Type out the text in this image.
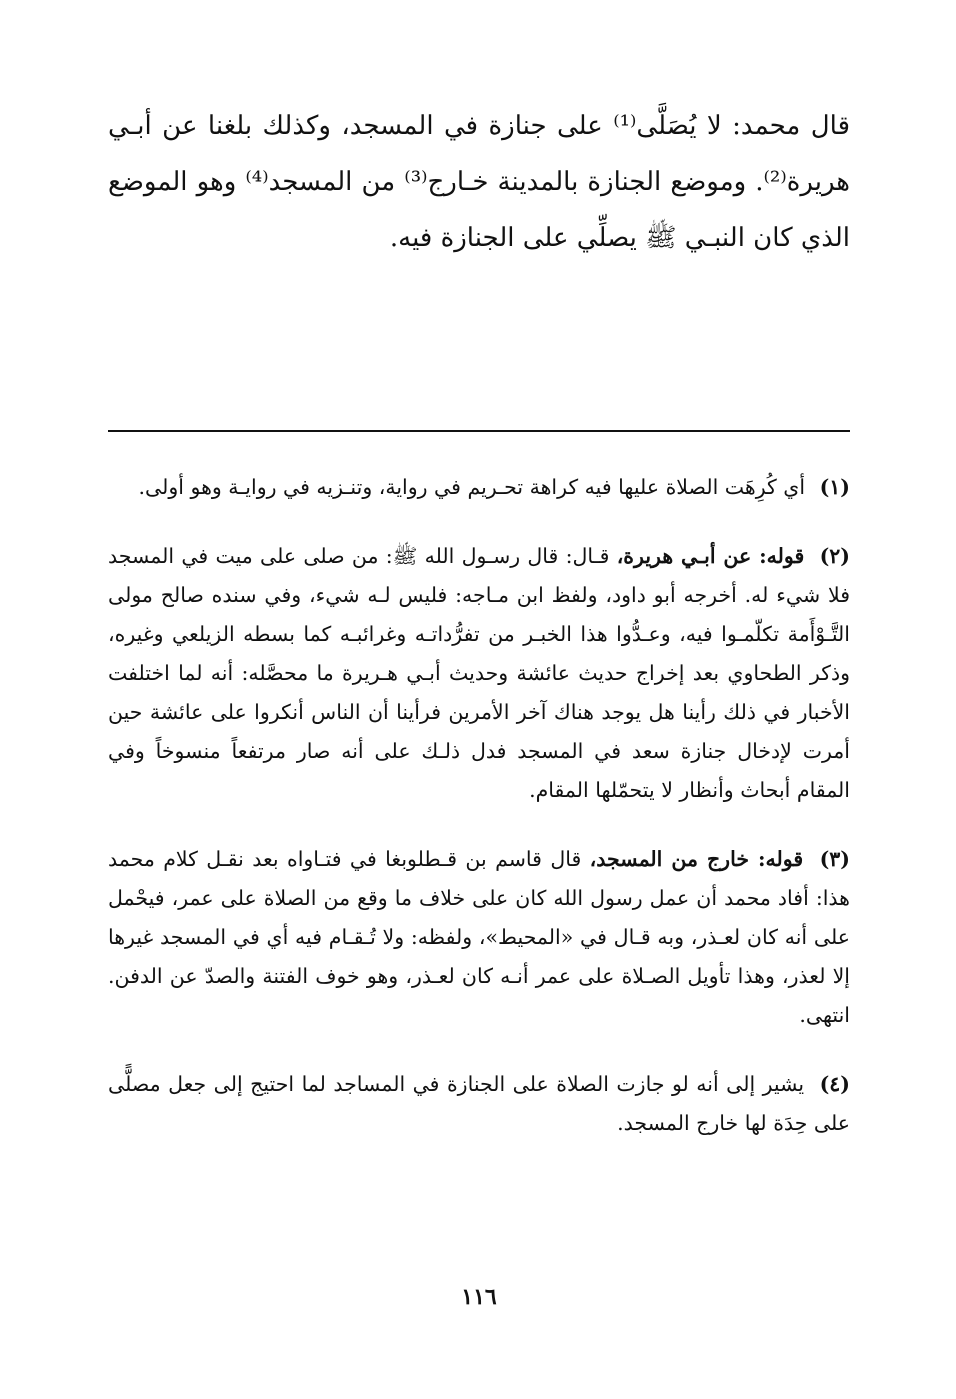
قال محمد: لا يُصَلَّى⁽¹⁾ على جنازة في المسجد، وكذلك بلغنا عن أبـي هريرة⁽²⁾. وموضع الجنازة بالمدينة خـارج⁽³⁾ من المسجد⁽⁴⁾ وهو الموضع الذي كان النبـي ﷺ يصلِّي على الجنازة فيه.

(١) أي كُرِهَت الصلاة عليها فيه كراهة تحـريم في رواية، وتنـزيه في روايـة وهو أولى.

(٢) قوله: عن أبـي هريرة، قـال: قال رسـول الله ﷺ: من صلى على ميت في المسجد فلا شيء له. أخرجه أبو داود، ولفظ ابن مـاجه: فليس لـه شيء، وفي سنده صالح مولى التَّـوْأَمة تكلّمـوا فيه، وعـدُّوا هذا الخبـر من تفرُّداتـه وغرائبـه كما بسطه الزيلعي وغيره، وذكر الطحاوي بعد إخراج حديث عائشة وحديث أبـي هـريرة ما محصَّله: أنه لما اختلفت الأخبار في ذلك رأينا هل يوجد هناك آخر الأمرين فرأينا أن الناس أنكروا على عائشة حين أمرت لإدخال جنازة سعد في المسجد فدل ذلـك على أنه صار مرتفعاً منسوخاً وفي المقام أبحاث وأنظار لا يتحمّلها المقام.

(٣) قوله: خارج من المسجد، قال قاسم بن قـطلوبغا في فتـاواه بعد نقـل كلام محمد هذا: أفاد محمد أن عمل رسول الله كان على خلاف ما وقع من الصلاة على عمر، فيحْمل على أنه كان لعـذر، وبه قـال في «المحيط»، ولفظه: ولا تُـقـام فيه أي في المسجد غيرها إلا لعذر، وهذا تأويل الصـلاة على عمر أنـه كان لعـذر، وهو خوف الفتنة والصدّ عن الدفن. انتهى.

(٤) يشير إلى أنه لو جازت الصلاة على الجنازة في المساجد لما احتيج إلى جعل مصلًّى على حِدَة لها خارج المسجد.

١١٦
